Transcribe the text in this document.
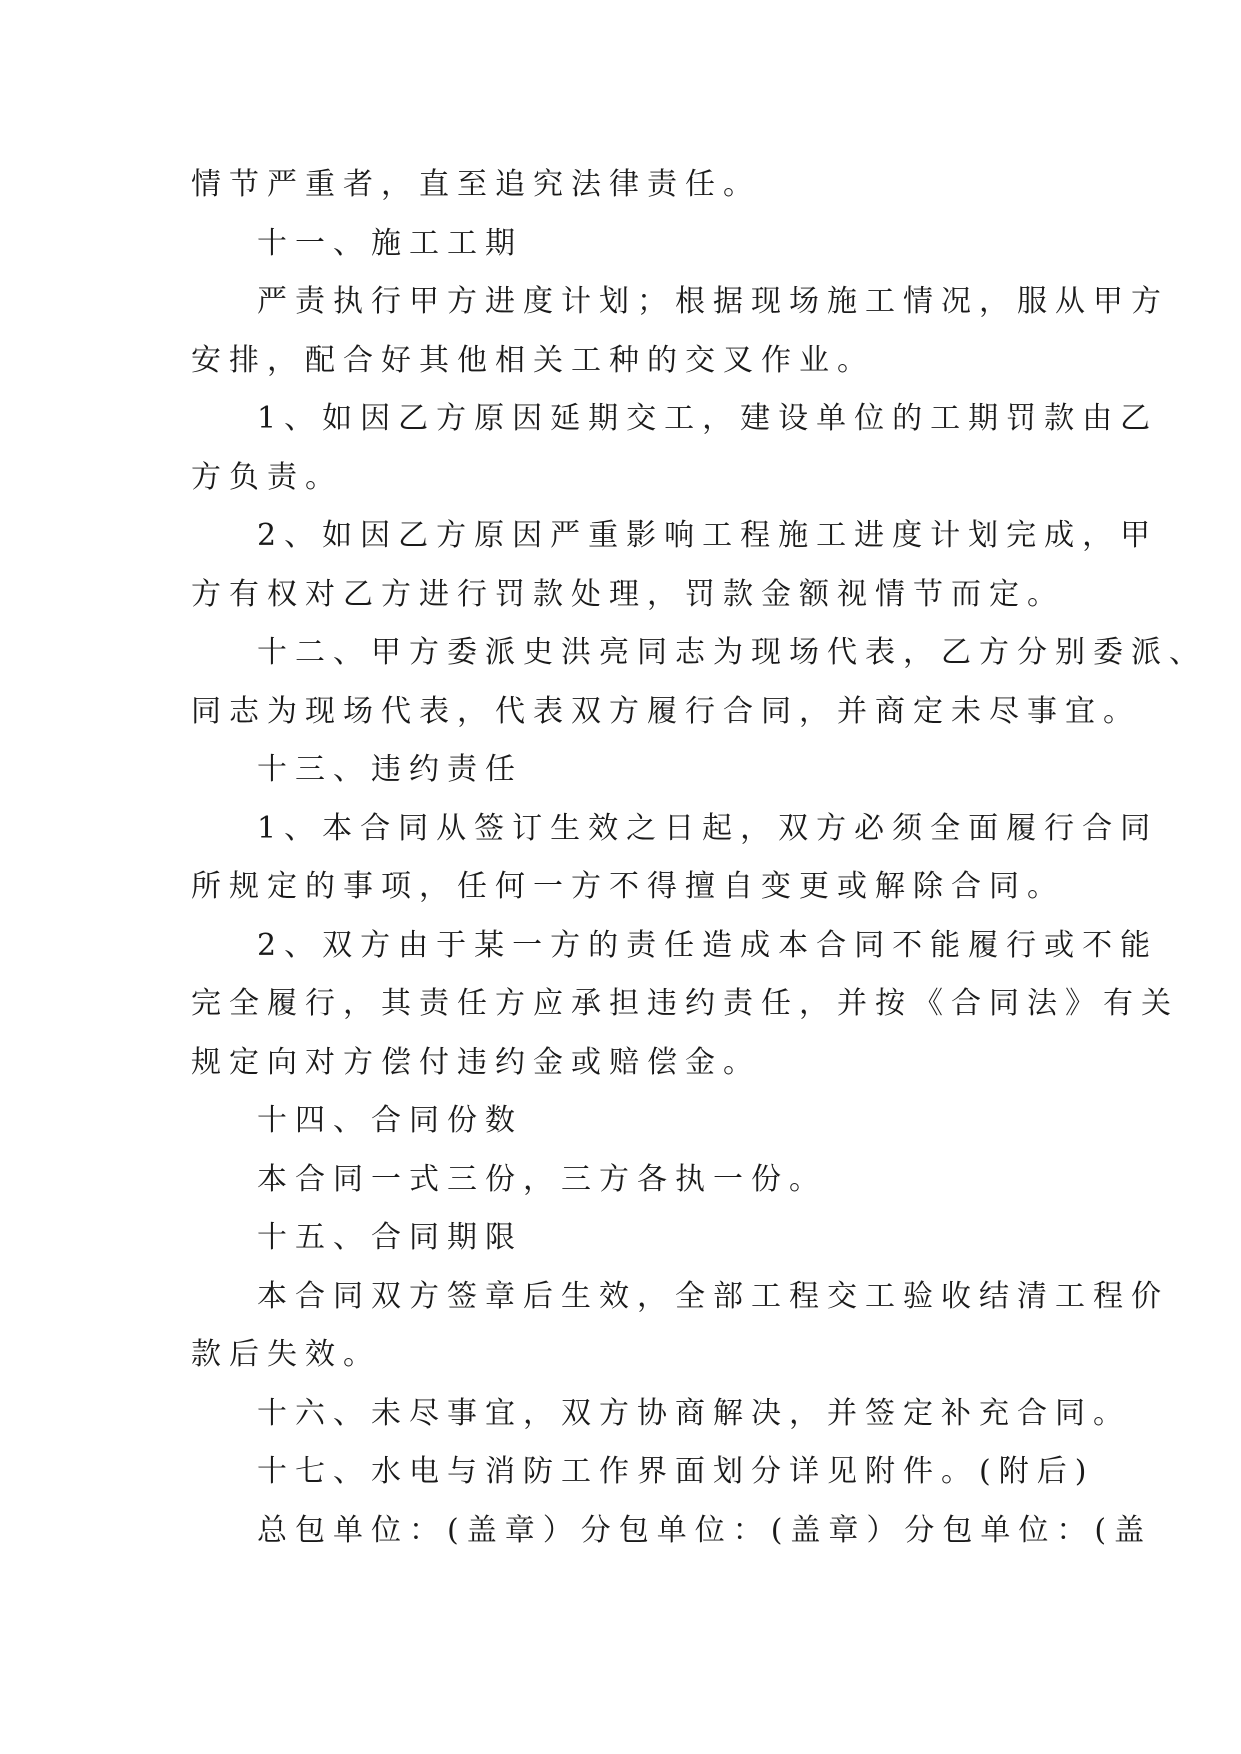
情节严重者，直至追究法律责任。
十一、施工工期
严责执行甲方进度计划；根据现场施工情况，服从甲方
安排，配合好其他相关工种的交叉作业。
1、如因乙方原因延期交工，建设单位的工期罚款由乙
方负责。
2、如因乙方原因严重影响工程施工进度计划完成，甲
方有权对乙方进行罚款处理，罚款金额视情节而定。
十二、甲方委派史洪亮同志为现场代表，乙方分别委派、
同志为现场代表，代表双方履行合同，并商定未尽事宜。
十三、违约责任
1、本合同从签订生效之日起，双方必须全面履行合同
所规定的事项，任何一方不得擅自变更或解除合同。
2、双方由于某一方的责任造成本合同不能履行或不能
完全履行，其责任方应承担违约责任，并按《合同法》有关
规定向对方偿付违约金或赔偿金。
十四、合同份数
本合同一式三份，三方各执一份。
十五、合同期限
本合同双方签章后生效，全部工程交工验收结清工程价
款后失效。
十六、未尽事宜，双方协商解决，并签定补充合同。
十七、水电与消防工作界面划分详见附件。(附后)
总包单位：(盖章）分包单位：(盖章）分包单位：(盖
